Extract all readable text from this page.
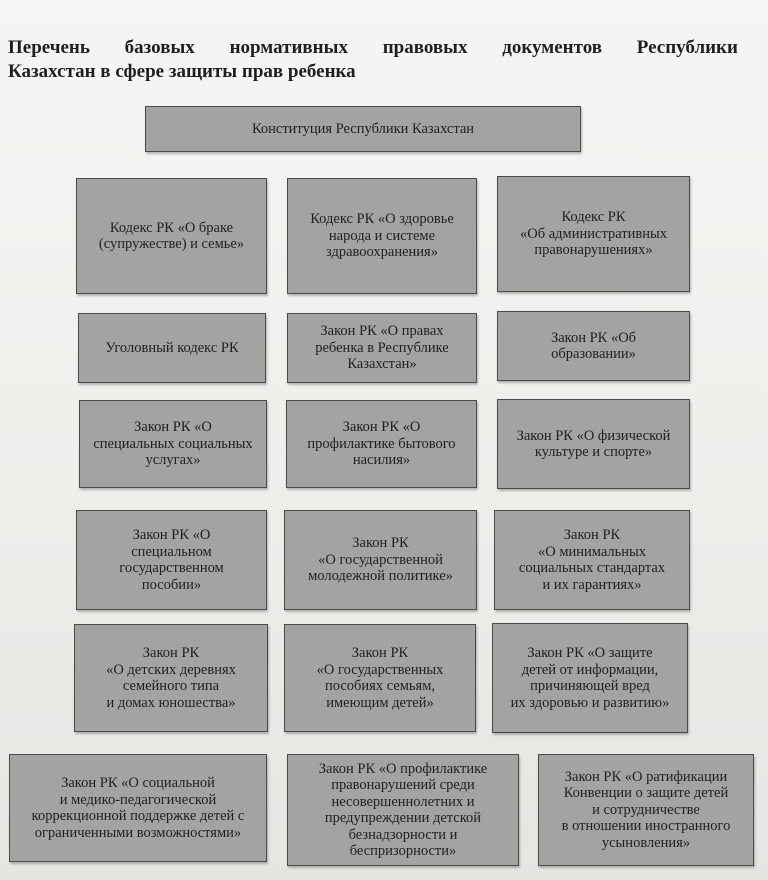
Перечень базовых нормативных правовых документов Республики
Казахстан в сфере защиты прав ребенка
Конституция Республики Казахстан
Кодекс РК «О браке
(супружестве) и семье»
Кодекс РК «О здоровье
народа и системе
здравоохранения»
Кодекс РК
«Об административных
правонарушениях»
Уголовный кодекс РК
Закон РК «О правах
ребенка в Республике
Казахстан»
Закон РК «Об
образовании»
Закон РК «О
специальных социальных
услугах»
Закон РК «О
профилактике бытового
насилия»
Закон РК «О физической
культуре и спорте»
Закон РК «О
специальном
государственном
пособии»
Закон РК
«О государственной
молодежной политике»
Закон РК
«О минимальных
социальных стандартах
и их гарантиях»
Закон РК
«О детских деревнях
семейного типа
и домах юношества»
Закон РК
«О государственных
пособиях семьям,
имеющим детей»
Закон РК «О защите
детей от информации,
причиняющей вред
их здоровью и развитию»
Закон РК «О социальной
и медико-педагогической
коррекционной поддержке детей с
ограниченными возможностями»
Закон РК «О профилактике
правонарушений среди
несовершеннолетних и
предупреждении детской
безнадзорности и
беспризорности»
Закон РК «О ратификации
Конвенции о защите детей
и сотрудничестве
в отношении иностранного
усыновления»
